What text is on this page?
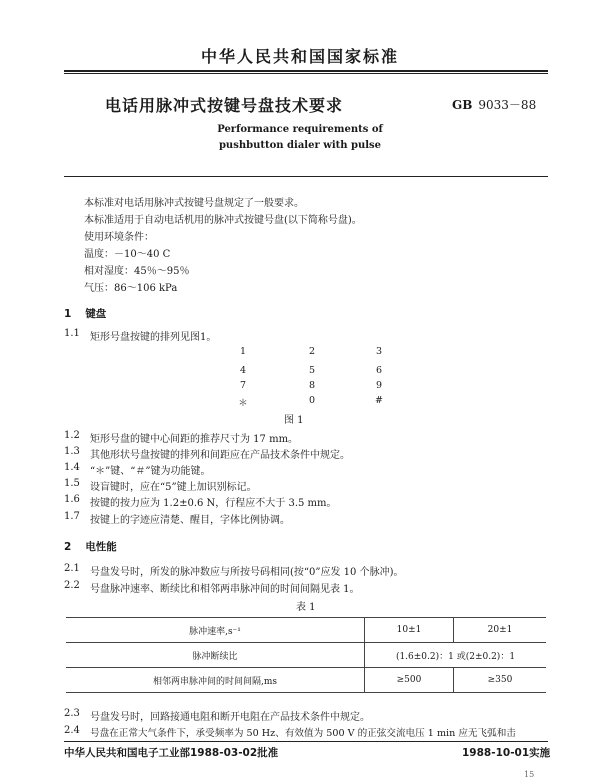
中华人民共和国国家标准
电话用脉冲式按键号盘技术要求	GB 9033－88
Performance requirements of
pushbutton dialer with pulse
本标准对电话用脉冲式按键号盘规定了一般要求。
本标准适用于自动电话机用的脉冲式按键号盘(以下简称号盘)。
使用环境条件：
温度：－10～40 C
相对湿度：45％～95％
气压：86～106 kPa
1 键盘
1.1 矩形号盘按键的排列见图1。
1	2	3
4	5	6
7	8	9
＊	0	#
图 1
1.2 矩形号盘的键中心间距的推荐尺寸为 17 mm。
1.3 其他形状号盘按键的排列和间距应在产品技术条件中规定。
1.4 “＊”键、“＃”键为功能键。
1.5 设盲键时，应在“5”键上加识别标记。
1.6 按键的按力应为 1.2±0.6 N，行程应不大于 3.5 mm。
1.7 按键上的字迹应清楚、醒目，字体比例协调。
2 电性能
2.1 号盘发号时，所发的脉冲数应与所按号码相同(按“0”应发 10 个脉冲)。
2.2 号盘脉冲速率、断续比和相邻两串脉冲间的时间间隔见表 1。
表 1
脉冲速率,s⁻¹	10±1	20±1
脉冲断续比	(1.6±0.2)：1 或(2±0.2)：1	
相邻两串脉冲间的时间间隔,ms	≥500	≥350
2.3 号盘发号时，回路接通电阻和断开电阻在产品技术条件中规定。
2.4 号盘在正常大气条件下，承受频率为 50 Hz、有效值为 500 V 的正弦交流电压 1 min 应无飞弧和击
中华人民共和国电子工业部1988-03-02批准	1988-10-01实施
15
